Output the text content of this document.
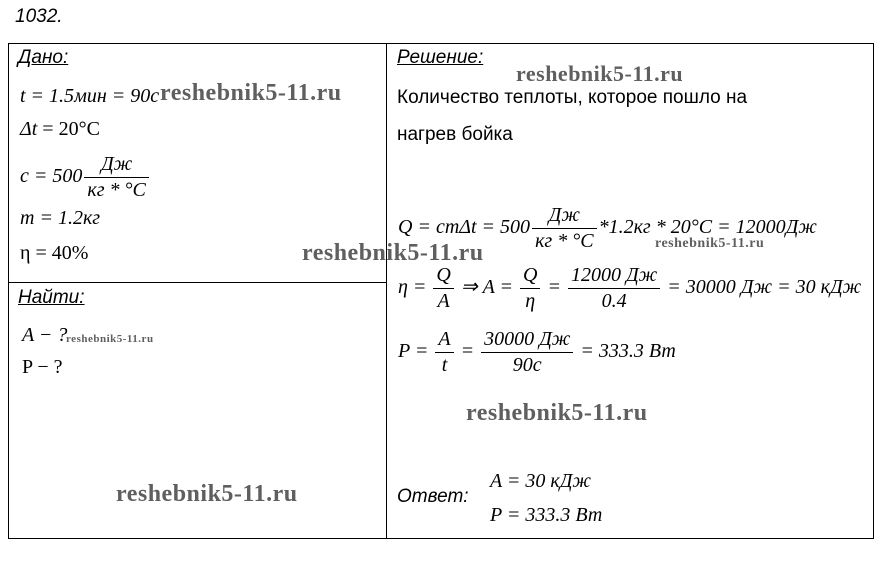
1032.
Дано:
t = 1.5мин = 90с
Δt = 20°C
$c = 500 \frac{Дж}{кг * ^\circ C}$
m = 1.2кг
η = 40%
Найти:
A − ?
P − ?
Решение:
Количество теплоты, которое пошло на
нагрев бойка
$Q = cm\Delta t = 500 \frac{Дж}{кг * ^\circ C} *1.2кг * 20^\circ C = 12000Дж$
$\eta = \frac{Q}{A}$ ⇒ $A = \frac{Q}{\eta} = \frac{12000 Дж}{0.4} = 30000$ Дж = 30 кДж
$P = \frac{A}{t} = \frac{30000 Дж}{90с} = 333.3$ Вт
Ответ:
A = 30 кДж
P = 333.3 Вт
reshebnik5-11.ru
reshebnik5-11.ru
reshebnik5-11.ru	reshebnik5-11.ru
reshebnik5-11.ru
reshebnik5-11.ru
reshebnik5-11.ru
